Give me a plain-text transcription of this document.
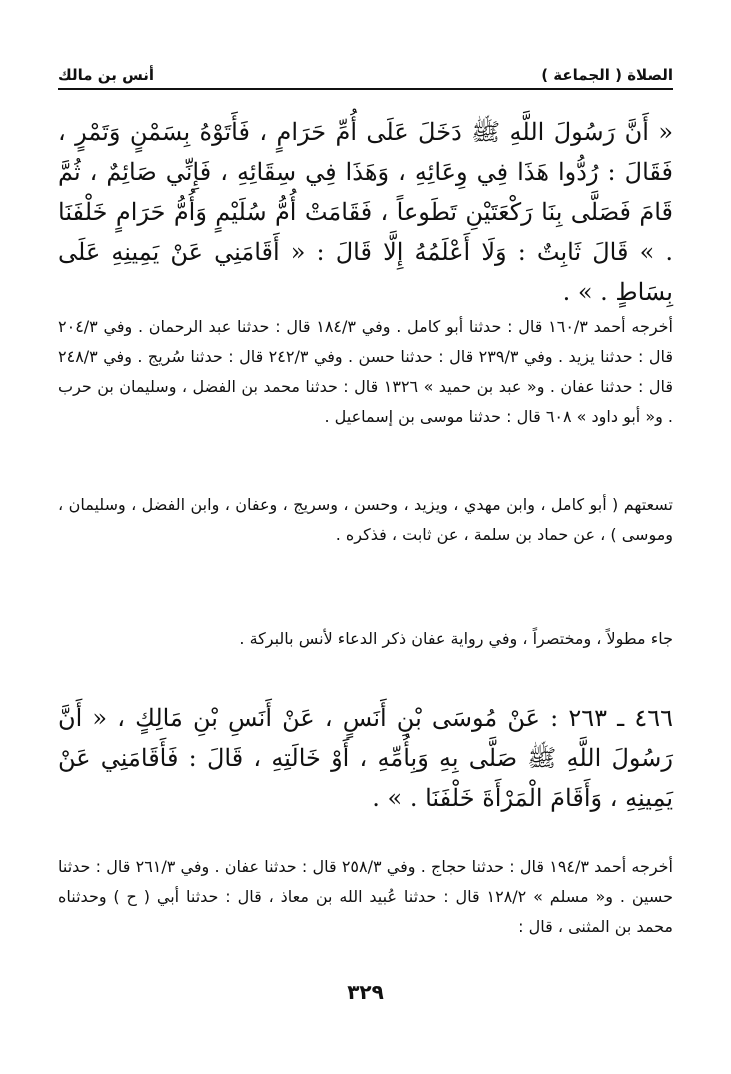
الصلاة ( الجماعة )
أنس بن مالك
« أَنَّ رَسُولَ اللَّهِ ﷺ دَخَلَ عَلَى أُمِّ حَرَامٍ ، فَأَتَوْهُ بِسَمْنٍ وَتَمْرٍ ، فَقَالَ : رُدُّوا هَذَا فِي وِعَائِهِ ، وَهَذَا فِي سِقَائِهِ ، فَإِنِّي صَائِمٌ ، ثُمَّ قَامَ فَصَلَّى بِنَا رَكْعَتَيْنِ تَطَوعاً ، فَقَامَتْ أُمُّ سُلَيْمٍ وَأُمُّ حَرَامٍ خَلْفَنَا . » قَالَ ثَابِتٌ : وَلَا أَعْلَمُهُ إِلَّا قَالَ : « أَقَامَنِي عَنْ يَمِينِهِ عَلَى بِسَاطٍ . » .
أخرجه أحمد ١٦٠/٣ قال : حدثنا أبو كامل . وفي ١٨٤/٣ قال : حدثنا عبد الرحمان . وفي ٢٠٤/٣ قال : حدثنا يزيد . وفي ٢٣٩/٣ قال : حدثنا حسن . وفي ٢٤٢/٣ قال : حدثنا سُريج . وفي ٢٤٨/٣ قال : حدثنا عفان . و« عبد بن حميد » ١٣٢٦ قال : حدثنا محمد بن الفضل ، وسليمان بن حرب . و« أبو داود » ٦٠٨ قال : حدثنا موسى بن إسماعيل .
تسعتهم ( أبو كامل ، وابن مهدي ، ويزيد ، وحسن ، وسريج ، وعفان ، وابن الفضل ، وسليمان ، وموسى ) ، عن حماد بن سلمة ، عن ثابت ، فذكره .
جاء مطولاً ، ومختصراً ، وفي رواية عفان ذكر الدعاء لأنس بالبركة .
٤٦٦ ـ ٢٦٣ : عَنْ مُوسَى بْنِ أَنَسٍ ، عَنْ أَنَسِ بْنِ مَالِكٍ ، « أَنَّ رَسُولَ اللَّهِ ﷺ صَلَّى بِهِ وَبِأُمِّهِ ، أَوْ خَالَتِهِ ، قَالَ : فَأَقَامَنِي عَنْ يَمِينِهِ ، وَأَقَامَ الْمَرْأَةَ خَلْفَنَا . » .
أخرجه أحمد ١٩٤/٣ قال : حدثنا حجاج . وفي ٢٥٨/٣ قال : حدثنا عفان . وفي ٢٦١/٣ قال : حدثنا حسين . و« مسلم » ١٢٨/٢ قال : حدثنا عُبيد الله بن معاذ ، قال : حدثنا أبي ( ح ) وحدثناه محمد بن المثنى ، قال :
٣٢٩
